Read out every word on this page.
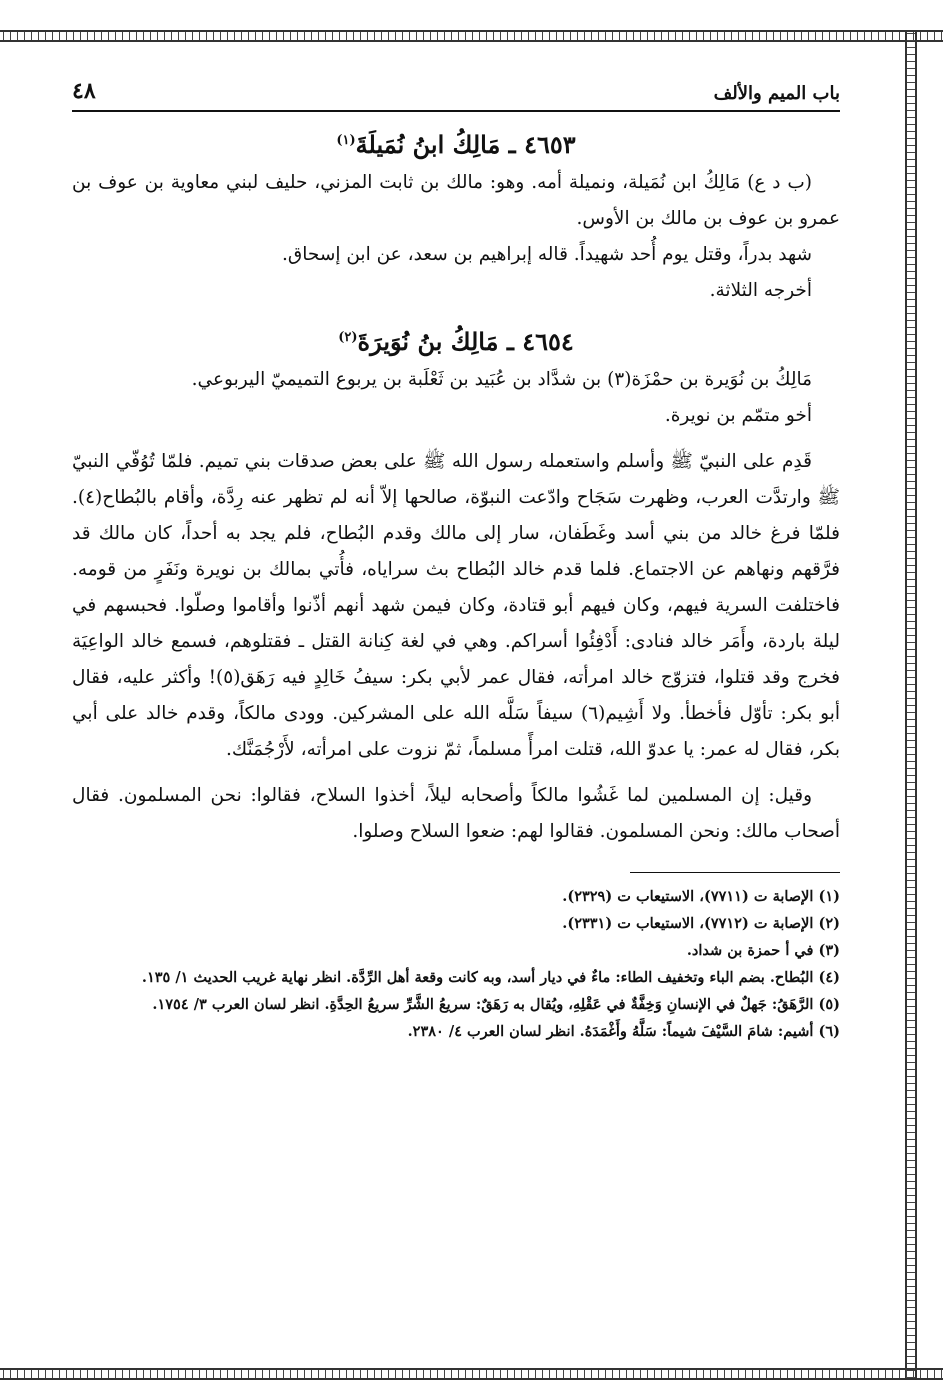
باب الميم والألف
٤٨
٤٦٥٣ ـ مَالِكُ ابنُ نُمَيلَةَ$^{(١)}$

(ب د ع) مَالِكُ ابن نُمَيلة، ونميلة أمه. وهو: مالك بن ثابت المزني، حليف لبني معاوية بن عوف بن عمرو بن عوف بن مالك بن الأوس.

شهد بدراً، وقتل يوم أُحد شهيداً. قاله إبراهيم بن سعد، عن ابن إسحاق.

أخرجه الثلاثة.

٤٦٥٤ ـ مَالِكُ بنُ نُوَيرَةَ$^{(٢)}$

مَالِكُ بن نُوَيرة بن حمْزَة(٣) بن شدَّاد بن عُبَيد بن ثَعْلَبة بن يربوع التميميّ اليربوعي.

أخو متمّم بن نويرة.

قَدِم على النبيّ ﷺ وأسلم واستعمله رسول الله ﷺ على بعض صدقات بني تميم. فلمّا تُوُفّي النبيّ ﷺ وارتدَّت العرب، وظهرت سَجَاح وادّعت النبوّة، صالحها إلاّ أنه لم تظهر عنه رِدَّة، وأقام بالبُطاح(٤). فلمّا فرغ خالد من بني أسد وغَطَفان، سار إلى مالك وقدم البُطاح، فلم يجد به أحداً، كان مالك قد فرَّقهم ونهاهم عن الاجتماع. فلما قدم خالد البُطاح بث سراياه، فأُتي بمالك بن نويرة ونَفَرٍ من قومه. فاختلفت السرية فيهم، وكان فيهم أبو قتادة، وكان فيمن شهد أنهم أذّنوا وأقاموا وصلّوا. فحبسهم في ليلة باردة، وأَمَر خالد فنادى: أَدْفِئُوا أسراكم. وهي في لغة كِنانة القتل ـ فقتلوهم، فسمع خالد الواعِيَة فخرج وقد قتلوا، فتزوّج خالد امرأته، فقال عمر لأبي بكر: سيفُ خَالِدٍ فيه رَهَق(٥)! وأكثر عليه، فقال أبو بكر: تأوّل فأخطأ. ولا أَشِيم(٦) سيفاً سَلَّه الله على المشركين. وودى مالكاً، وقدم خالد على أبي بكر، فقال له عمر: يا عدوّ الله، قتلت امرأً مسلماً، ثمّ نزوت على امرأته، لأَرْجُمَنَّك.

وقيل: إن المسلمين لما غَشُوا مالكاً وأصحابه ليلاً، أخذوا السلاح، فقالوا: نحن المسلمون. فقال أصحاب مالك: ونحن المسلمون. فقالوا لهم: ضعوا السلاح وصلوا.

(١) الإصابة ت (٧٧١١)، الاستيعاب ت (٢٣٢٩).
(٢) الإصابة ت (٧٧١٢)، الاستيعاب ت (٢٣٣١).
(٣) في أ حمزة بن شداد.
(٤) البُطاح. بضم الباء وتخفيف الطاء: ماءٌ في ديار أسد، وبه كانت وقعة أهل الرِّدَّة. انظر نهاية غريب الحديث ١/ ١٣٥.
(٥) الرَّهَقُ: جَهلٌ في الإنسانِ وَخِفَّةٌ في عَقْلِهِ، ويُقال به رَهَقٌ: سريعُ الشَّرِّ سريعُ الحِدَّةِ. انظر لسان العرب ٣/ ١٧٥٤.
(٦) أشيم: شامَ السَّيْفَ شيماً: سَلَّهُ وأَغْمَدَهُ. انظر لسان العرب ٤/ ٢٣٨٠.
